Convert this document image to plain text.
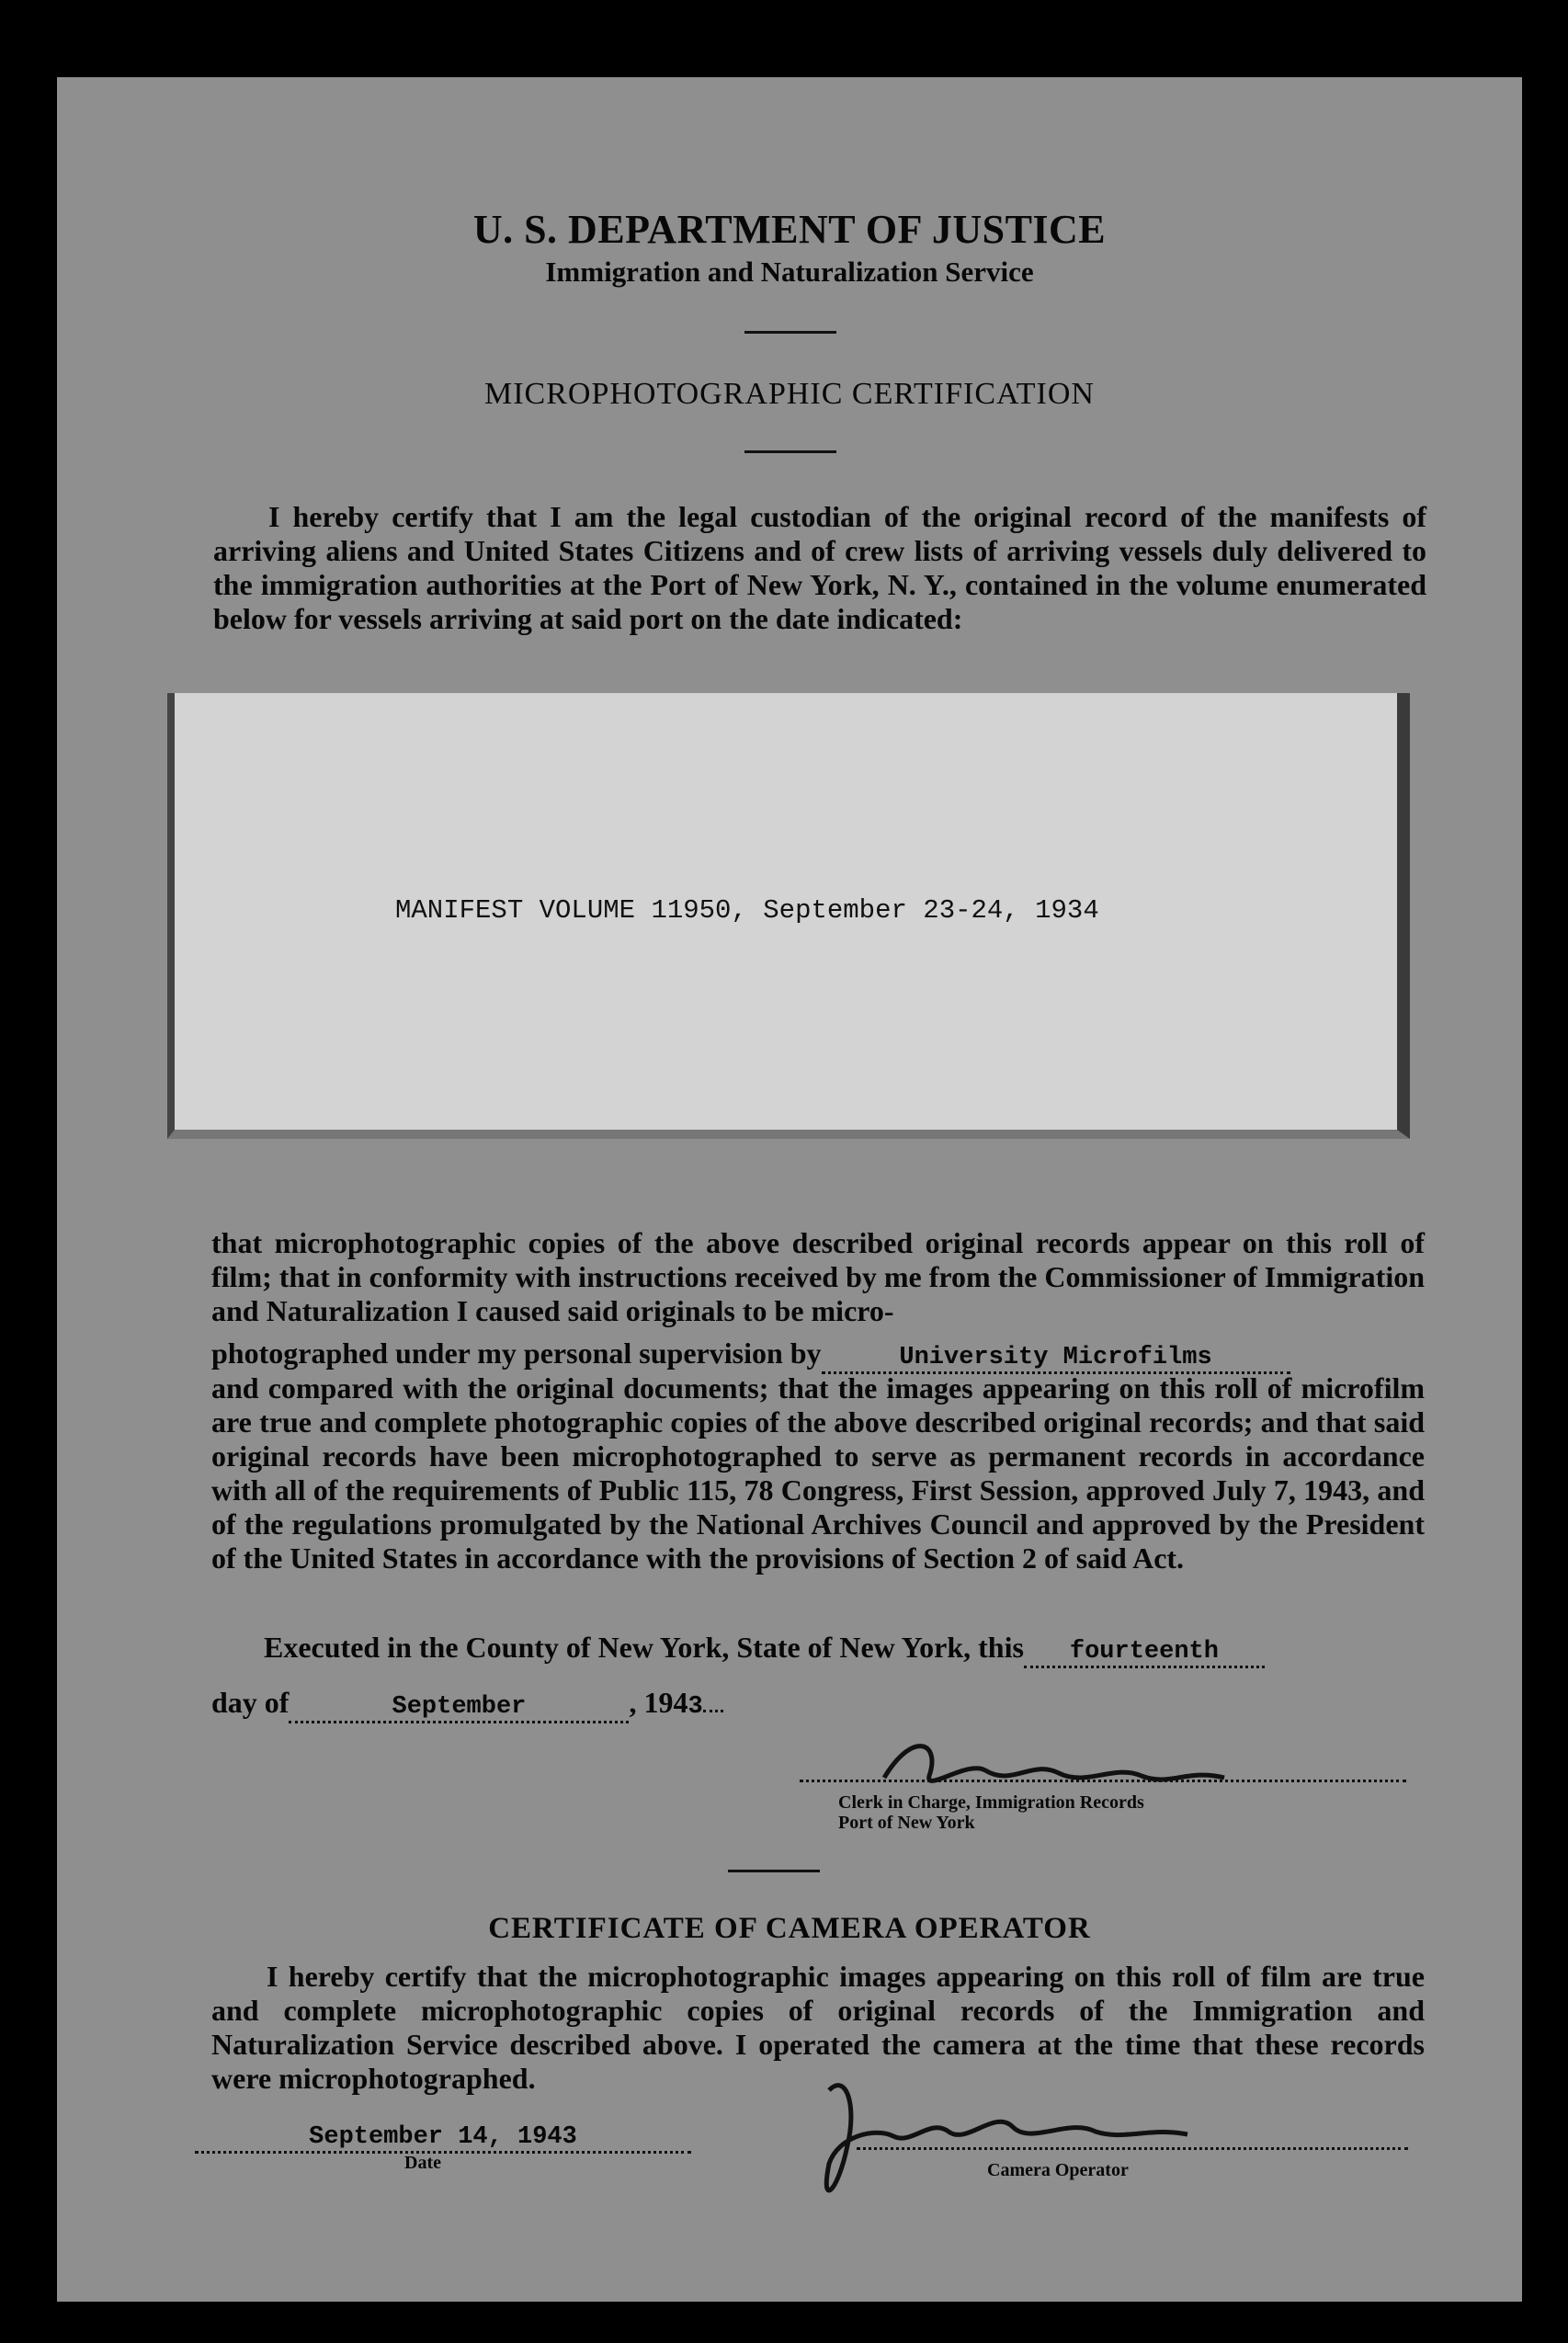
U. S. DEPARTMENT OF JUSTICE
Immigration and Naturalization Service
MICROPHOTOGRAPHIC CERTIFICATION
I hereby certify that I am the legal custodian of the original record of the manifests of arriving aliens and United States Citizens and of crew lists of arriving vessels duly delivered to the immigration authorities at the Port of New York, N. Y., contained in the volume enumerated below for vessels arriving at said port on the date indicated:
MANIFEST VOLUME 11950, September 23-24, 1934
that microphotographic copies of the above described original records appear on this roll of film; that in conformity with instructions received by me from the Commissioner of Immigration and Naturalization I caused said originals to be micro-
photographed under my personal supervision by	University Microfilms
and compared with the original documents; that the images appearing on this roll of microfilm are true and complete photographic copies of the above described original records; and that said original records have been microphotographed to serve as permanent records in accordance with all of the requirements of Public 115, 78 Congress, First Session, approved July 7, 1943, and of the regulations promulgated by the National Archives Council and approved by the President of the United States in accordance with the provisions of Section 2 of said Act.
Executed in the County of New York, State of New York, this fourteenth
day of	September	, 1943
Clerk in Charge, Immigration Records
Port of New York
CERTIFICATE OF CAMERA OPERATOR
I hereby certify that the microphotographic images appearing on this roll of film are true and complete microphotographic copies of original records of the Immigration and Naturalization Service described above. I operated the camera at the time that these records were microphotographed.
September 14, 1943
Date	Camera Operator
